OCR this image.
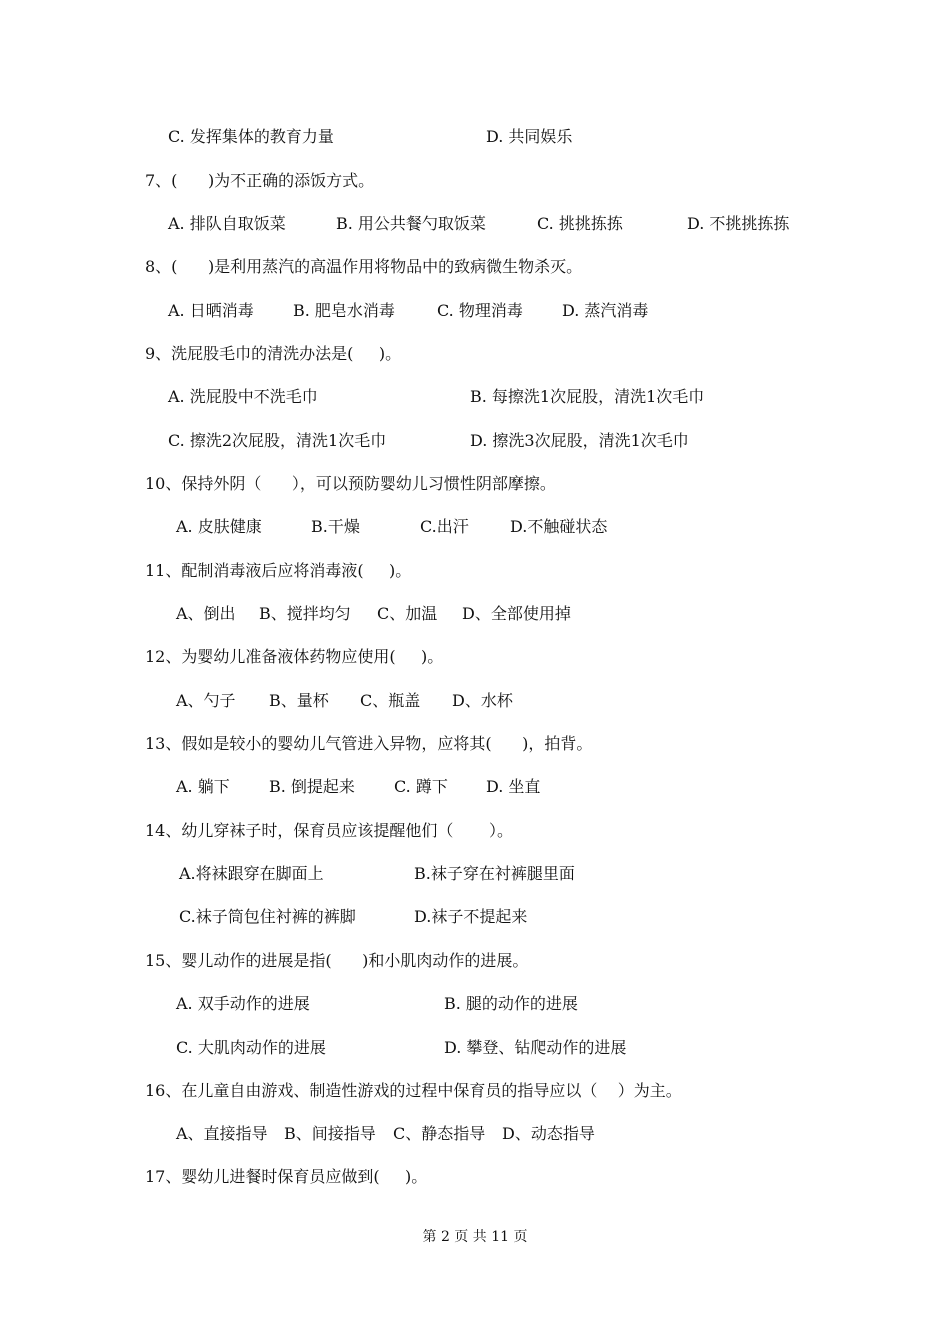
C. 发挥集体的教育力量	D. 共同娱乐
7、(      )为不正确的添饭方式。
A. 排队自取饭菜	B. 用公共餐勺取饭菜	C. 挑挑拣拣	D. 不挑挑拣拣
8、(      )是利用蒸汽的高温作用将物品中的致病微生物杀灭。
A. 日晒消毒 B. 肥皂水消毒	C. 物理消毒 D. 蒸汽消毒
9、洗屁股毛巾的清洗办法是(     )。
A. 洗屁股中不洗毛巾	B. 每擦洗1次屁股，清洗1次毛巾
C. 擦洗2次屁股，清洗1次毛巾	D. 擦洗3次屁股，清洗1次毛巾
10、保持外阴（      ），可以预防婴幼儿习惯性阴部摩擦。
A. 皮肤健康	B.干燥	C.出汗	D.不触碰状态
11、配制消毒液后应将消毒液(     )。
A、倒出 B、搅拌均匀 C、加温 D、全部使用掉
12、为婴幼儿准备液体药物应使用(     )。
A、勺子 B、量杯 C、瓶盖 D、水杯
13、假如是较小的婴幼儿气管进入异物，应将其(      )，拍背。
A. 躺下 B. 倒提起来 C. 蹲下 D. 坐直
14、幼儿穿袜子时，保育员应该提醒他们（       ）。
A.将袜跟穿在脚面上	B.袜子穿在衬裤腿里面
C.袜子筒包住衬裤的裤脚	D.袜子不提起来
15、婴儿动作的进展是指(      )和小肌肉动作的进展。
A. 双手动作的进展	B. 腿的动作的进展
C. 大肌肉动作的进展	D. 攀登、钻爬动作的进展
16、在儿童自由游戏、制造性游戏的过程中保育员的指导应以（    ）为主。
A、直接指导 B、间接指导 C、静态指导 D、动态指导
17、婴幼儿进餐时保育员应做到(     )。
第 2 页 共 11 页
